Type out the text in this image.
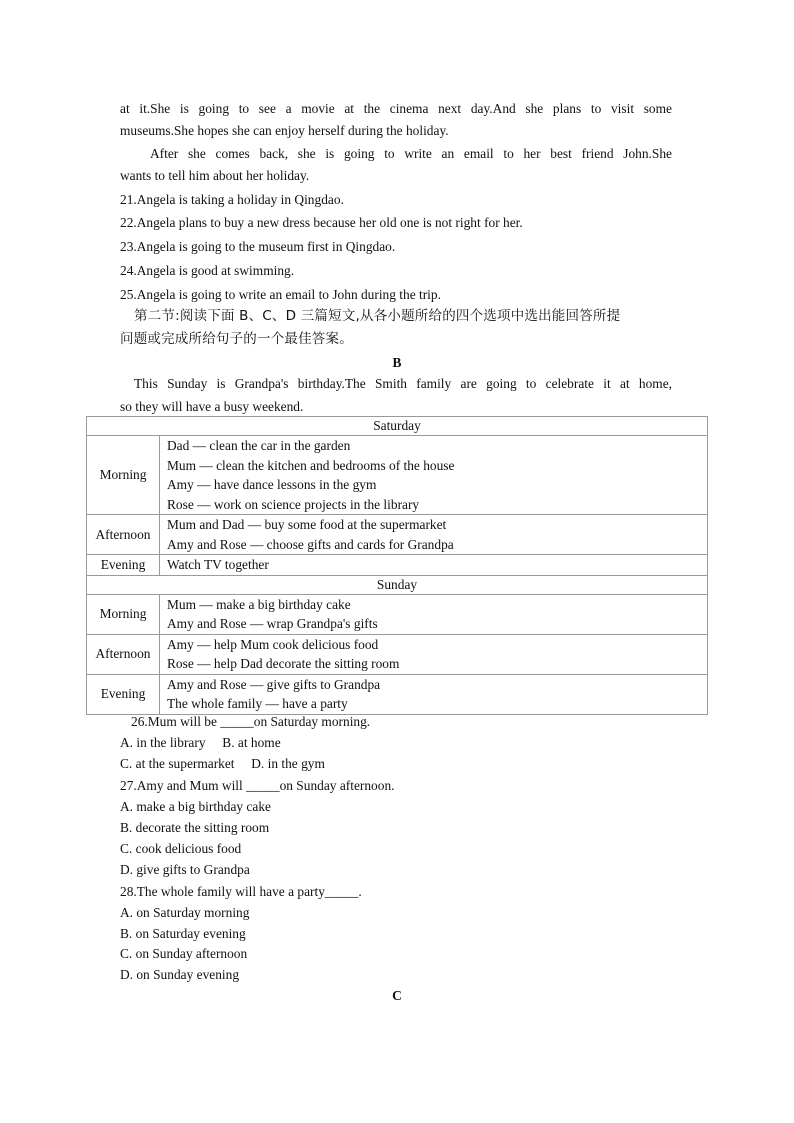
at it.She is going to see a movie at the cinema next day.And she plans to visit some
museums.She hopes she can enjoy herself during the holiday.
After she comes back, she is going to write an email to her best friend John.She
wants to tell him about her holiday.
21.Angela is taking a holiday in Qingdao.
22.Angela plans to buy a new dress because her old one is not right for her.
23.Angela is going to the museum first in Qingdao.
24.Angela is good at swimming.
25.Angela is going to write an email to John during the trip.
第二节:阅读下面 B、C、D 三篇短文,从各小题所给的四个选项中选出能回答所提
问题或完成所给句子的一个最佳答案。
B
This Sunday is Grandpa's birthday.The Smith family are going to celebrate it at home,
so they will have a busy weekend.
Saturday	
Morning	Dad — clean the car in the garden
Mum — clean the kitchen and bedrooms of the house
Amy — have dance lessons in the gym
Rose — work on science projects in the library

Afternoon	Mum and Dad — buy some food at the supermarket
Amy and Rose — choose gifts and cards for Grandpa

Evening	Watch TV together

Sunday	
Morning	Mum — make a big birthday cake
Amy and Rose — wrap Grandpa's gifts

Afternoon	Amy — help Mum cook delicious food
Rose — help Dad decorate the sitting room

Evening	Amy and Rose — give gifts to Grandpa
The whole family — have a party
26.Mum will be _____on Saturday morning.
A. in the library     B. at home
C. at the supermarket     D. in the gym
27.Amy and Mum will _____on Sunday afternoon.
A. make a big birthday cake
B. decorate the sitting room
C. cook delicious food
D. give gifts to Grandpa
28.The whole family will have a party_____.
A. on Saturday morning
B. on Saturday evening
C. on Sunday afternoon
D. on Sunday evening
C
